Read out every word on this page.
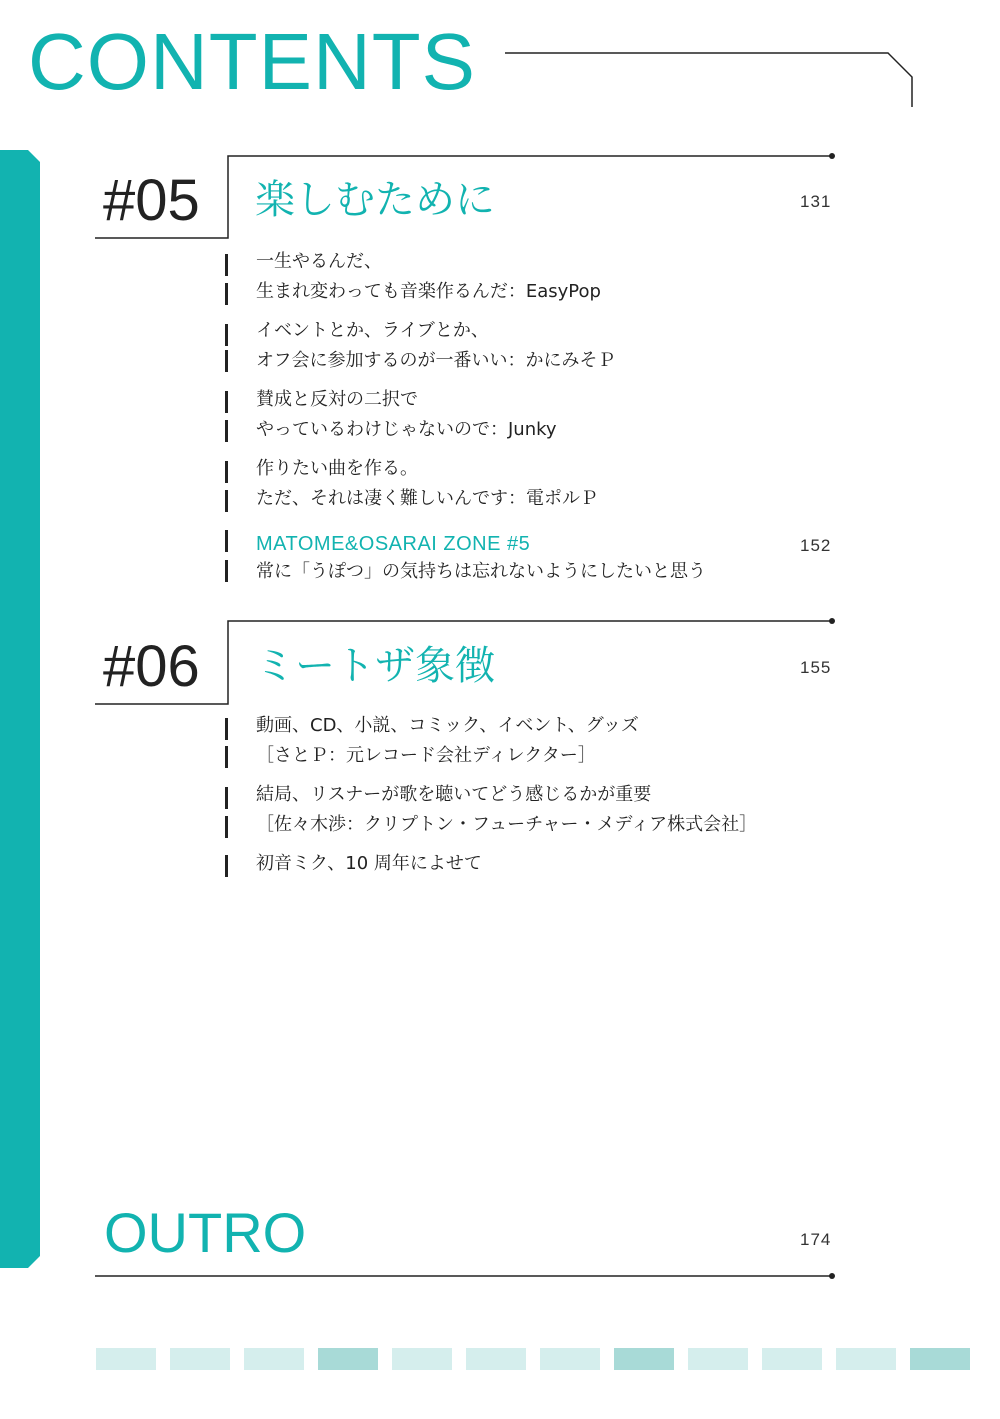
CONTENTS
#05 楽しむために	131
一生やるんだ、
生まれ変わっても音楽作るんだ：EasyPop
イベントとか、ライブとか、
オフ会に参加するのが一番いい：かにみそＰ
賛成と反対の二択で
やっているわけじゃないので：Junky
作りたい曲を作る。
ただ、それは凄く難しいんです：電ポルＰ
MATOME&OSARAI ZONE #5	152
常に「うぽつ」の気持ちは忘れないようにしたいと思う
#06 ミートザ象徴	155
動画、CD、小説、コミック、イベント、グッズ
［さとＰ：元レコード会社ディレクター］
結局、リスナーが歌を聴いてどう感じるかが重要
［佐々木渉：クリプトン・フューチャー・メディア株式会社］
初音ミク、10 周年によせて
OUTRO	174
